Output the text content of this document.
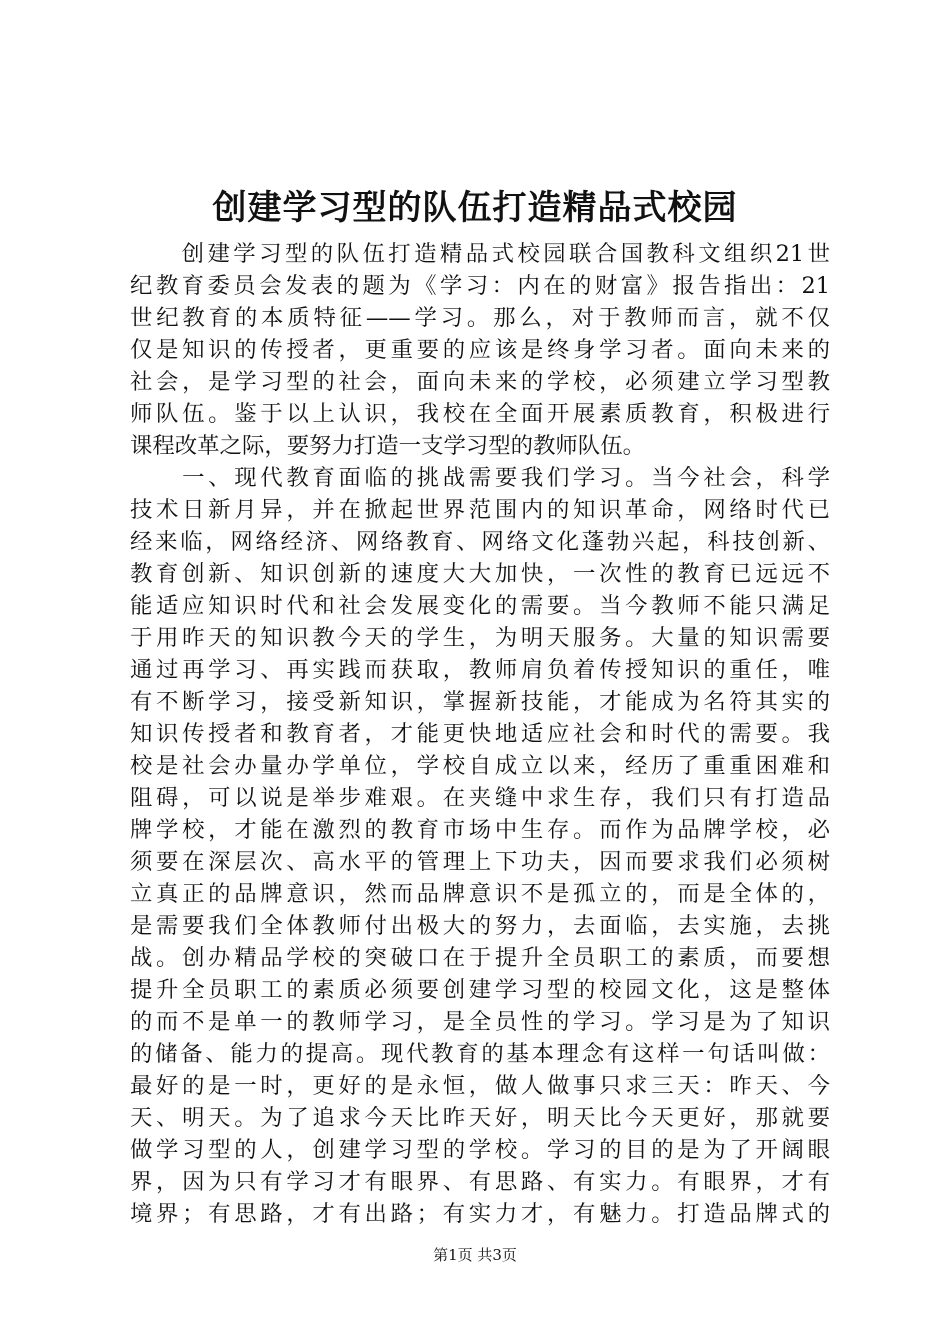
创建学习型的队伍打造精品式校园
　　创建学习型的队伍打造精品式校园联合国教科文组织21世
纪教育委员会发表的题为《学习：内在的财富》报告指出：21
世纪教育的本质特征——学习。那么，对于教师而言，就不仅
仅是知识的传授者，更重要的应该是终身学习者。面向未来的
社会，是学习型的社会，面向未来的学校，必须建立学习型教
师队伍。鉴于以上认识，我校在全面开展素质教育，积极进行
课程改革之际，要努力打造一支学习型的教师队伍。
　　一、现代教育面临的挑战需要我们学习。当今社会，科学
技术日新月异，并在掀起世界范围内的知识革命，网络时代已
经来临，网络经济、网络教育、网络文化蓬勃兴起，科技创新、
教育创新、知识创新的速度大大加快，一次性的教育已远远不
能适应知识时代和社会发展变化的需要。当今教师不能只满足
于用昨天的知识教今天的学生，为明天服务。大量的知识需要
通过再学习、再实践而获取，教师肩负着传授知识的重任，唯
有不断学习，接受新知识，掌握新技能，才能成为名符其实的
知识传授者和教育者，才能更快地适应社会和时代的需要。我
校是社会办量办学单位，学校自成立以来，经历了重重困难和
阻碍，可以说是举步难艰。在夹缝中求生存，我们只有打造品
牌学校，才能在激烈的教育市场中生存。而作为品牌学校，必
须要在深层次、高水平的管理上下功夫，因而要求我们必须树
立真正的品牌意识，然而品牌意识不是孤立的，而是全体的，
是需要我们全体教师付出极大的努力，去面临，去实施，去挑
战。创办精品学校的突破口在于提升全员职工的素质，而要想
提升全员职工的素质必须要创建学习型的校园文化，这是整体
的而不是单一的教师学习，是全员性的学习。学习是为了知识
的储备、能力的提高。现代教育的基本理念有这样一句话叫做：
最好的是一时，更好的是永恒，做人做事只求三天：昨天、今
天、明天。为了追求今天比昨天好，明天比今天更好，那就要
做学习型的人，创建学习型的学校。学习的目的是为了开阔眼
界，因为只有学习才有眼界、有思路、有实力。有眼界，才有
境界；有思路，才有出路；有实力才，有魅力。打造品牌式的
第1页 共3页
